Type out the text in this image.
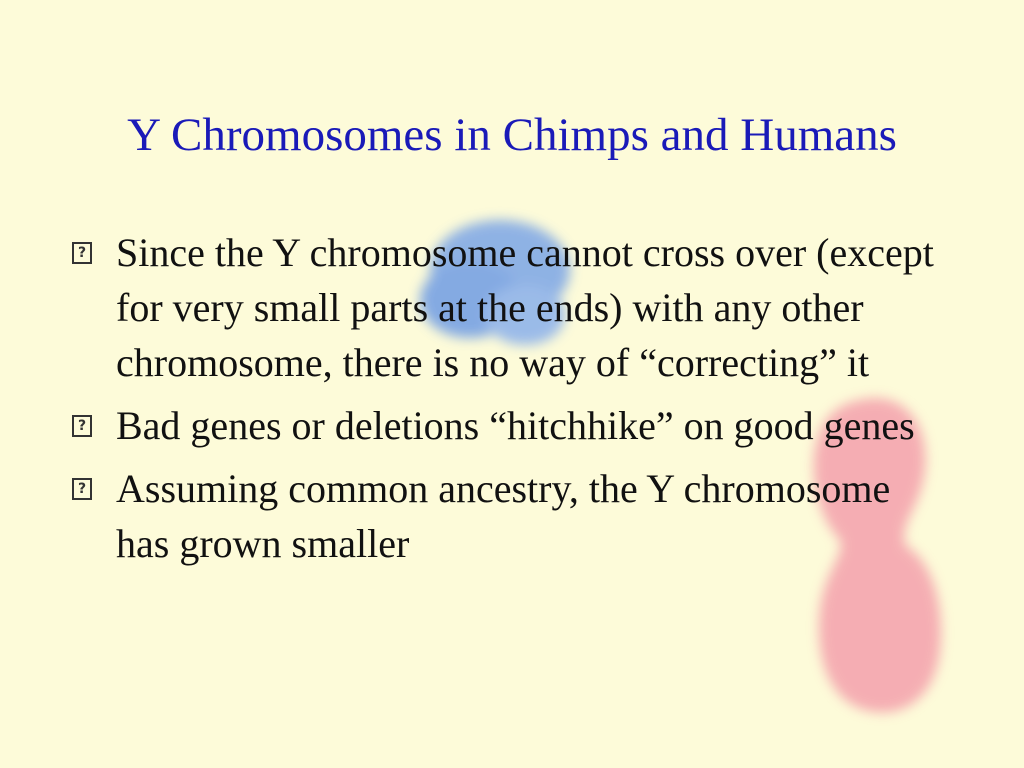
Y Chromosomes in Chimps and Humans
? Since the Y chromosome cannot cross over (except for very small parts at the ends) with any other chromosome, there is no way of “correcting” it
? Bad genes or deletions “hitchhike” on good genes
? Assuming common ancestry, the Y chromosome has grown smaller
